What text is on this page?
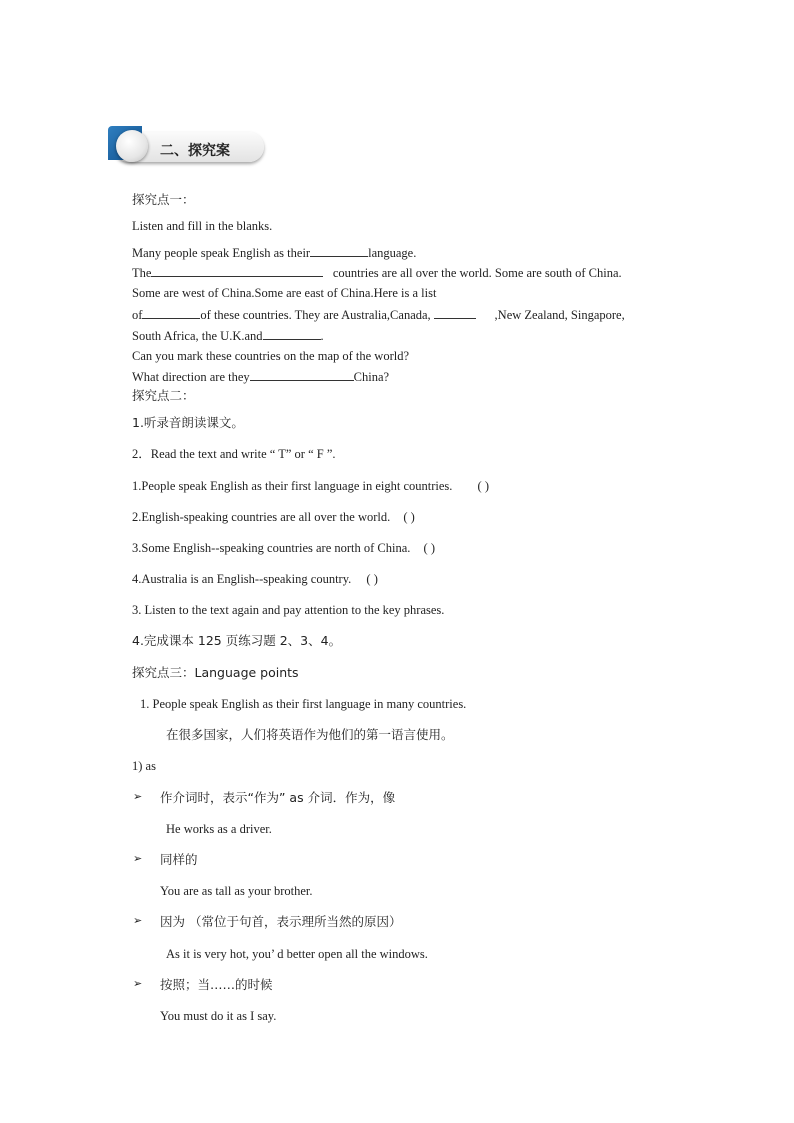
二、探究案
探究点一：
Listen and fill in the blanks.
Many people speak English as their	language.
The	countries are all over the world. Some are south of China.
Some are west of China.Some are east of China.Here is a list
of	of these countries. They are Australia,Canada,	,New Zealand, Singapore,
South Africa, the U.K.and	.
Can you mark these countries on the map of the world?
What direction are they	China?
探究点二：
1.听录音朗读课文。
2．Read the text and write “ T” or “ F ”.
1.People speak English as their first language in eight countries. ( )
2.English-speaking countries are all over the world. ( )
3.Some English--speaking countries are north of China. ( )
4.Australia is an English--speaking country. ( )
3. Listen to the text again and pay attention to the key phrases.
4.完成课本 125 页练习题 2、3、4。
探究点三：Language points
1. People speak English as their first language in many countries.
在很多国家，人们将英语作为他们的第一语言使用。
1) as
➢ 作介词时，表示“作为” as 介词．作为，像
He works as a driver.
➢ 同样的
You are as tall as your brother.
➢ 因为 （常位于句首，表示理所当然的原因）
As it is very hot, you’ d better open all the windows.
➢ 按照；当……的时候
You must do it as I say.
